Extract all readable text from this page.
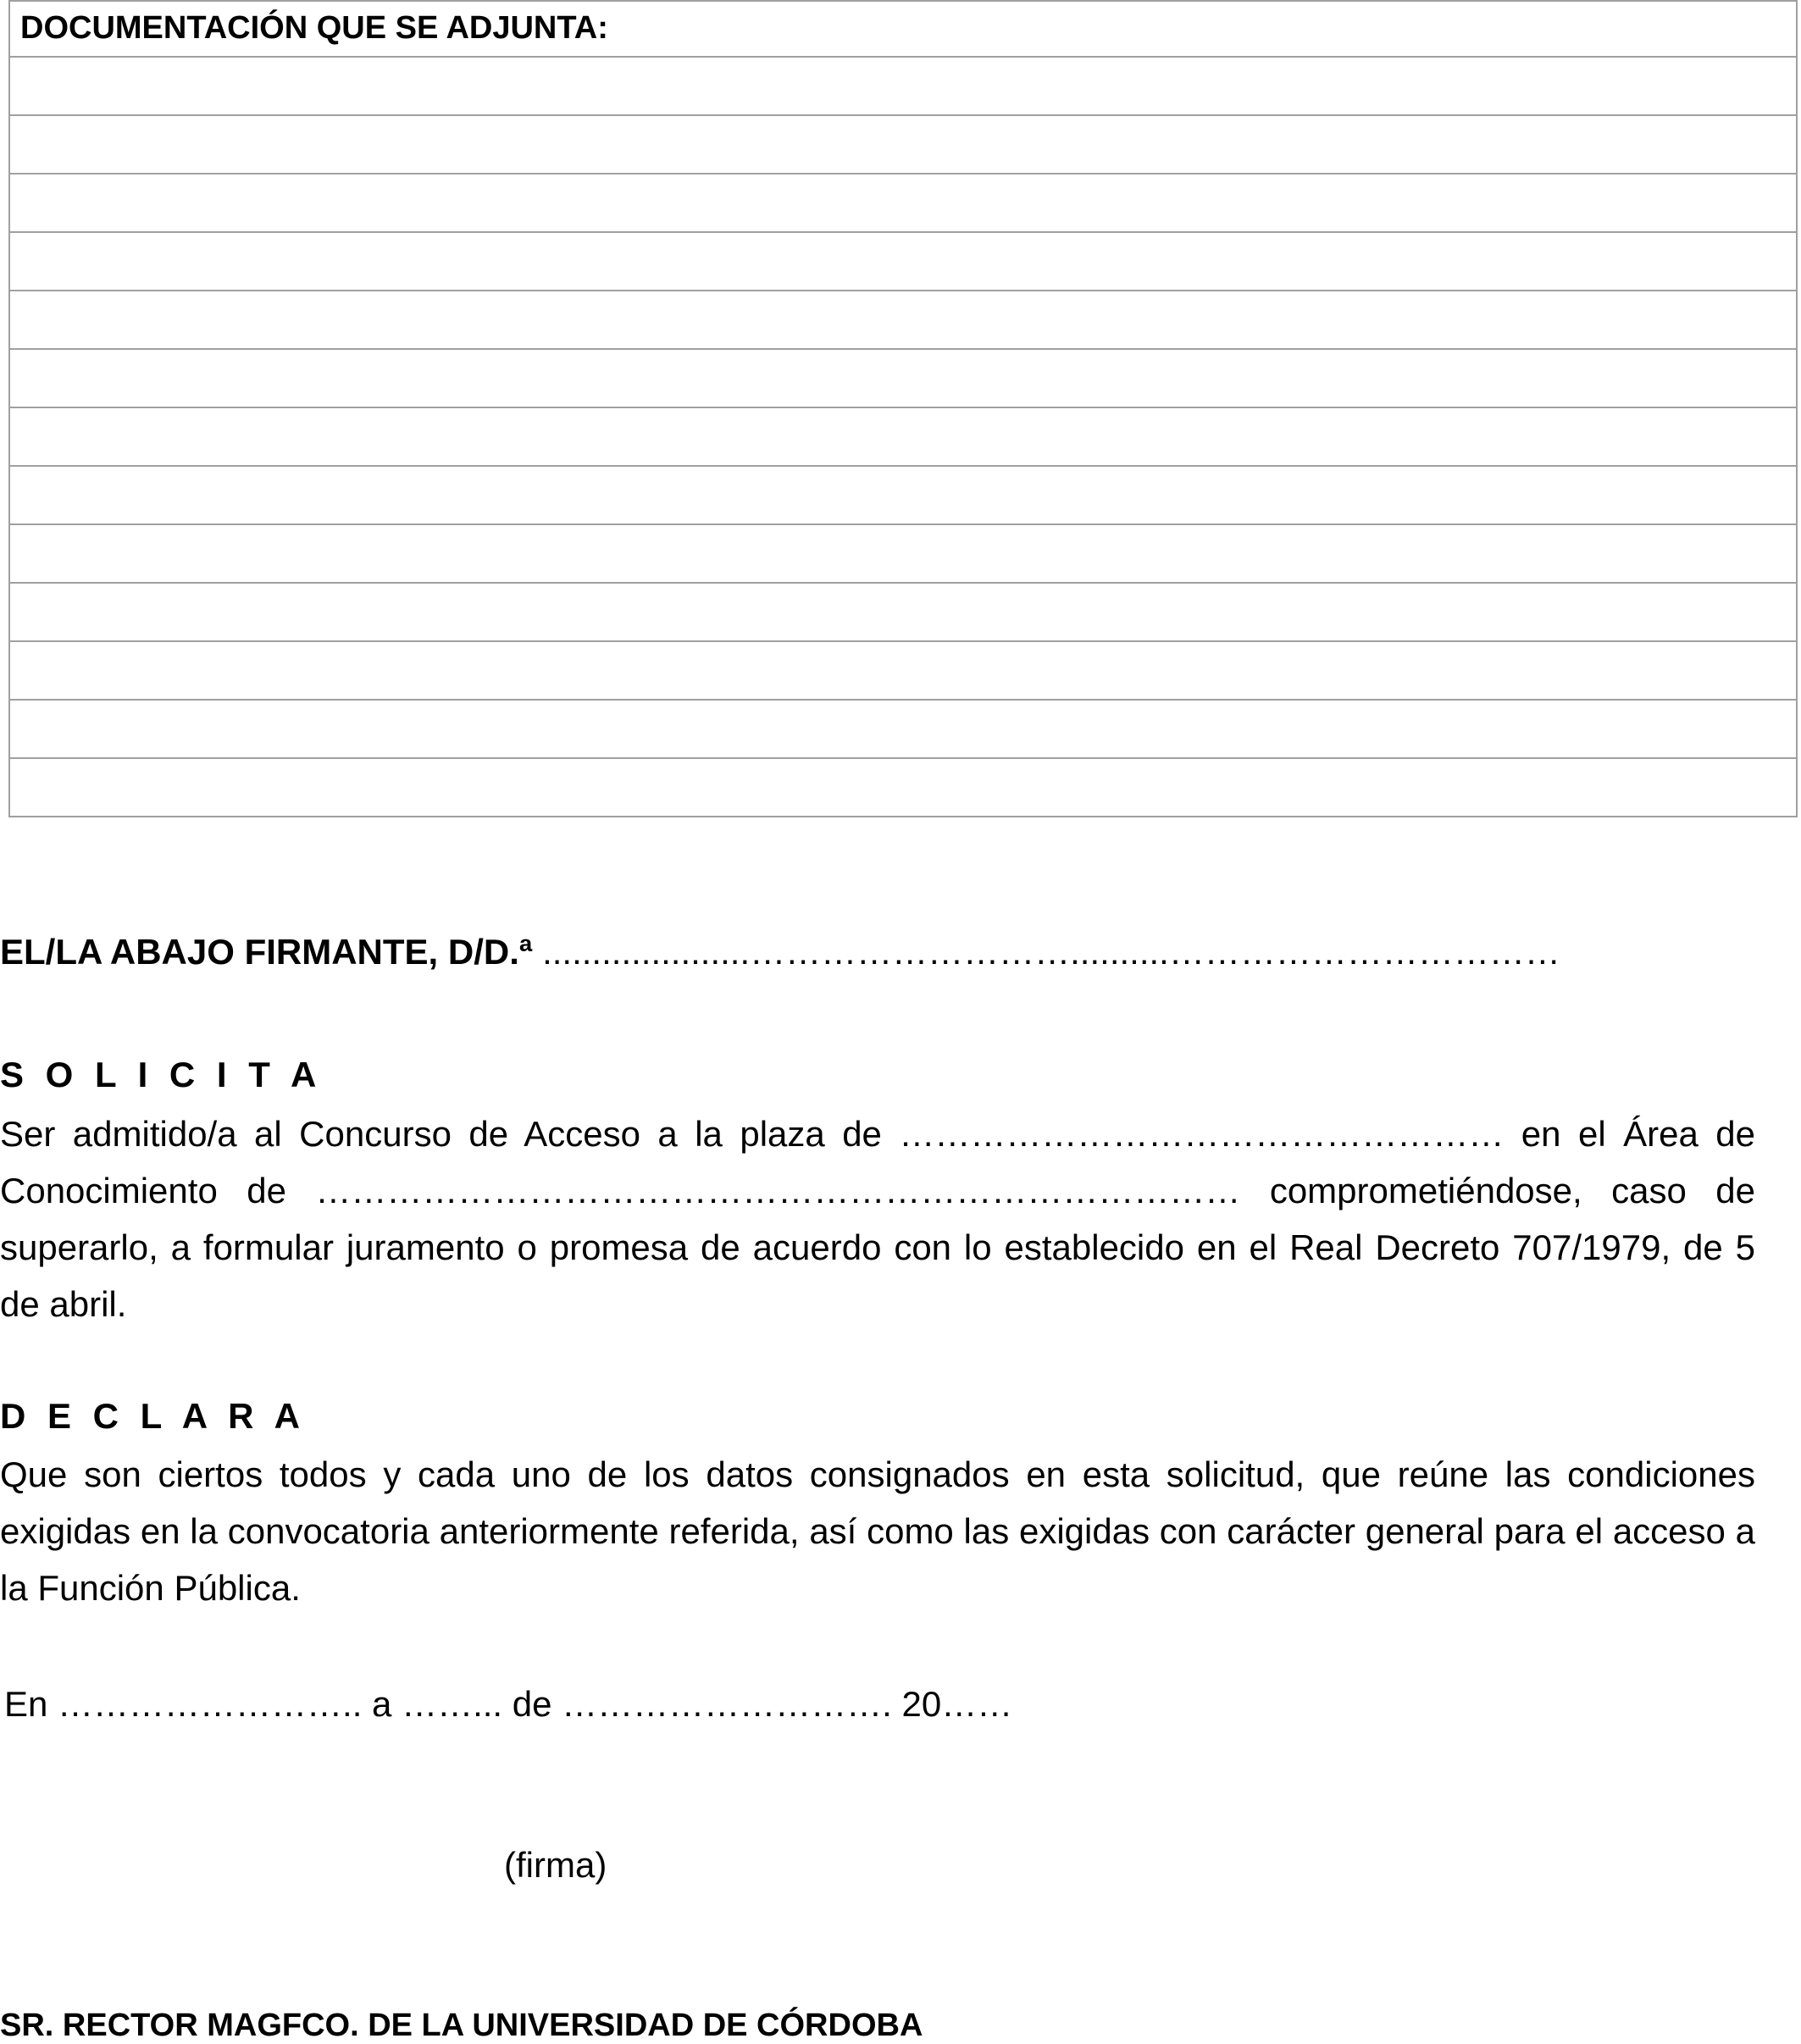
DOCUMENTACIÓN QUE SE ADJUNTA:

EL/LA ABAJO FIRMANTE, D/D.ª .....................………………………..........……………………………
S O L I C I T A
Ser admitido/a al Concurso de Acceso a la plaza de …………………………………………… en el Área de Conocimiento de …………………………………………………………………… comprometiéndose, caso de superarlo, a formular juramento o promesa de acuerdo con lo establecido en el Real Decreto 707/1979, de 5 de abril.
D E C L A R A
Que son ciertos todos y cada uno de los datos consignados en esta solicitud, que reúne las condiciones exigidas en la convocatoria anteriormente referida, así como las exigidas con carácter general para el acceso a la Función Pública.
En …………………….. a ……... de ………………………. 20……
(firma)
SR. RECTOR MAGFCO. DE LA UNIVERSIDAD DE CÓRDOBA
